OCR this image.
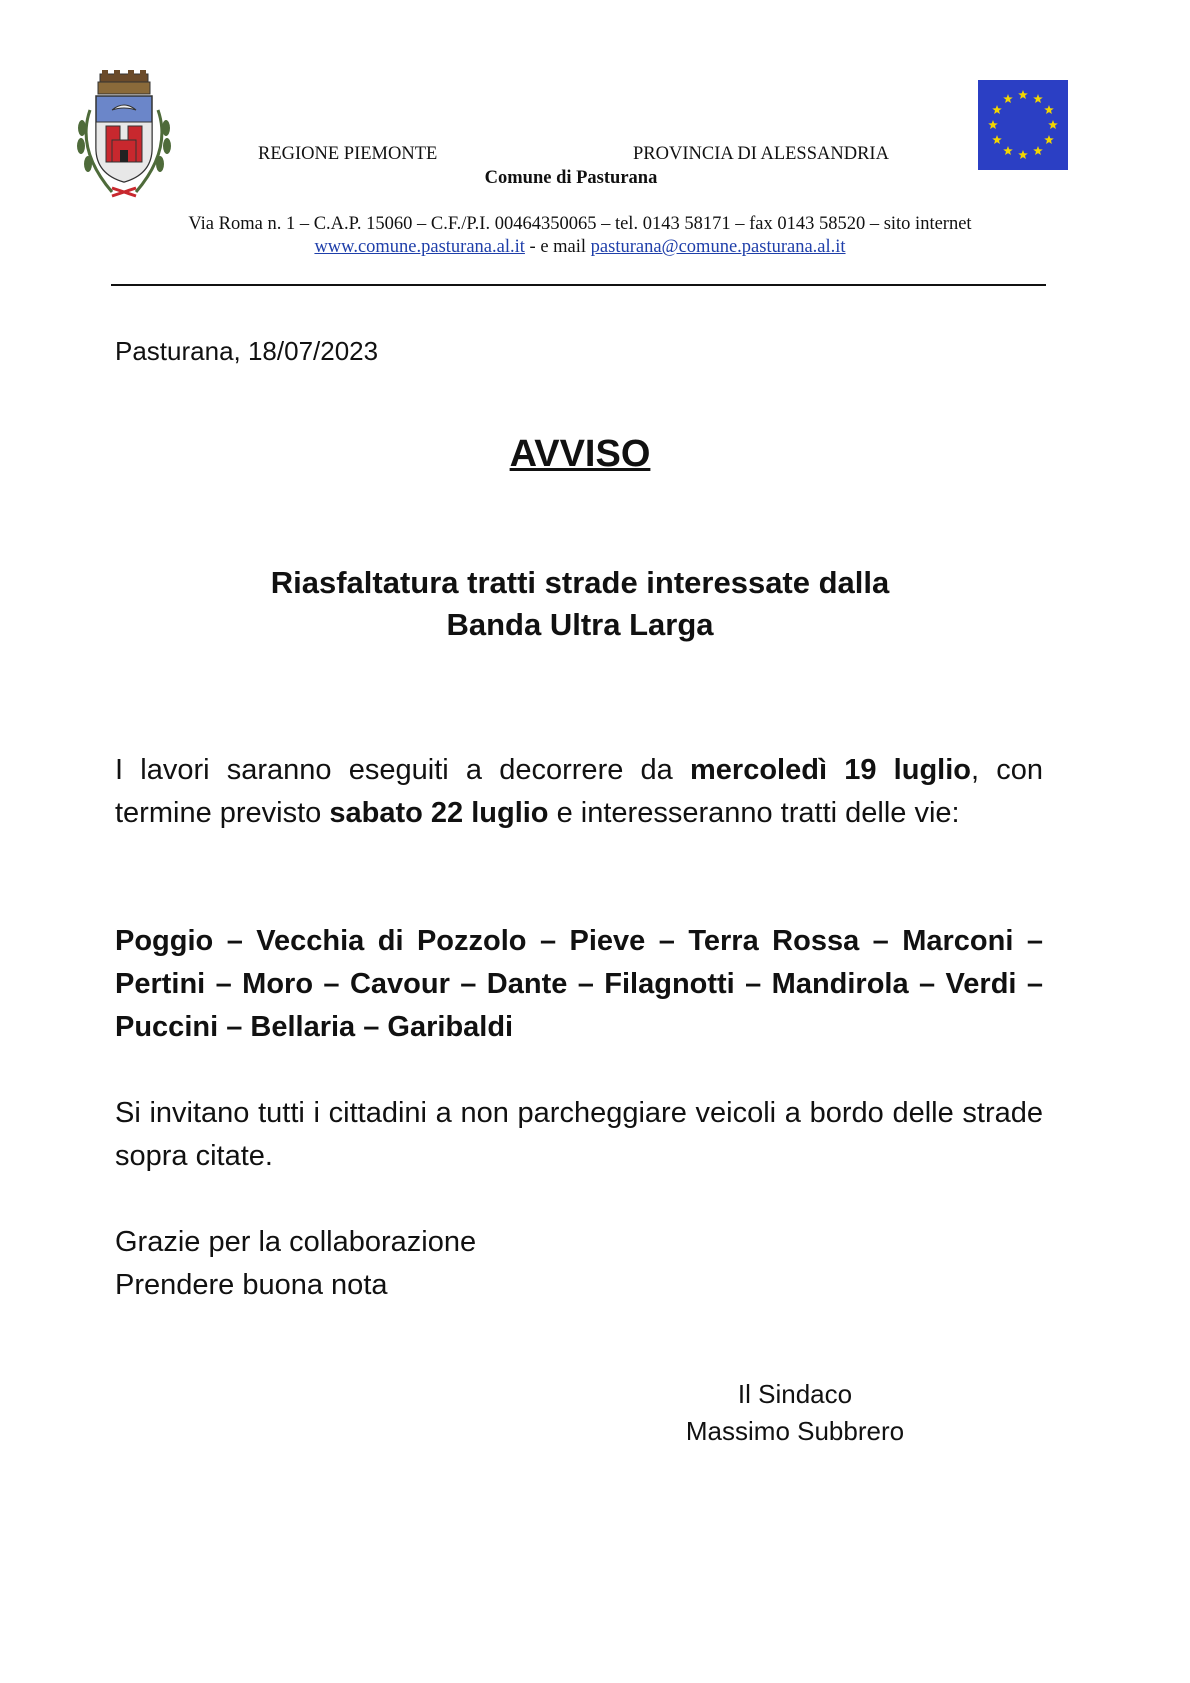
REGIONE PIEMONTE	PROVINCIA DI ALESSANDRIA
Comune di Pasturana
Via Roma n. 1 – C.A.P. 15060 – C.F./P.I. 00464350065 – tel. 0143 58171 – fax 0143 58520 – sito internet
www.comune.pasturana.al.it - e mail pasturana@comune.pasturana.al.it
Pasturana, 18/07/2023
AVVISO
Riasfaltatura tratti strade interessate dalla
Banda Ultra Larga
I lavori saranno eseguiti a decorrere da mercoledì 19 luglio, con termine previsto sabato 22 luglio e interesseranno tratti delle vie:
Poggio – Vecchia di Pozzolo – Pieve – Terra Rossa – Marconi – Pertini – Moro – Cavour – Dante – Filagnotti – Mandirola – Verdi – Puccini – Bellaria – Garibaldi
Si invitano tutti i cittadini a non parcheggiare veicoli a bordo delle strade sopra citate.
Grazie per la collaborazione
Prendere buona nota
Il Sindaco
Massimo Subbrero
